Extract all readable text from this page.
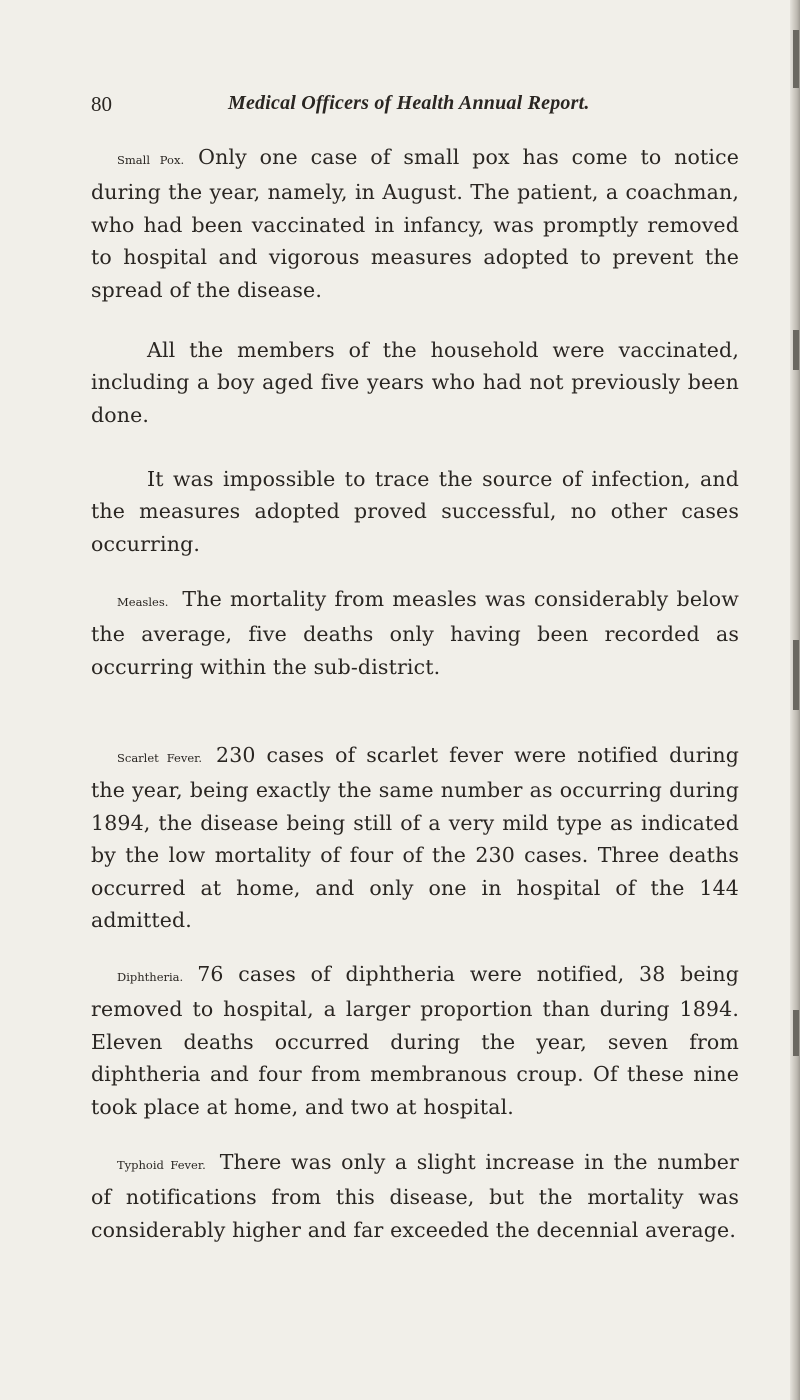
80	Medical Officers of Health Annual Report.

Small Pox. Only one case of small pox has come to notice during the year, namely, in August. The patient, a coachman, who had been vaccinated in infancy, was promptly removed to hospital and vigorous measures adopted to prevent the spread of the disease.

All the members of the household were vaccinated, including a boy aged five years who had not previously been done.

It was impossible to trace the source of infection, and the measures adopted proved successful, no other cases occurring.

Measles. The mortality from measles was considerably below the average, five deaths only having been recorded as occurring within the sub-district.

Scarlet Fever. 230 cases of scarlet fever were notified during the year, being exactly the same number as occurring during 1894, the disease being still of a very mild type as indicated by the low mortality of four of the 230 cases. Three deaths occurred at home, and only one in hospital of the 144 admitted.

Diphtheria. 76 cases of diphtheria were notified, 38 being removed to hospital, a larger proportion than during 1894. Eleven deaths occurred during the year, seven from diphtheria and four from membranous croup. Of these nine took place at home, and two at hospital.

Typhoid Fever. There was only a slight increase in the number of notifications from this disease, but the mortality was considerably higher and far exceeded the decennial average.
